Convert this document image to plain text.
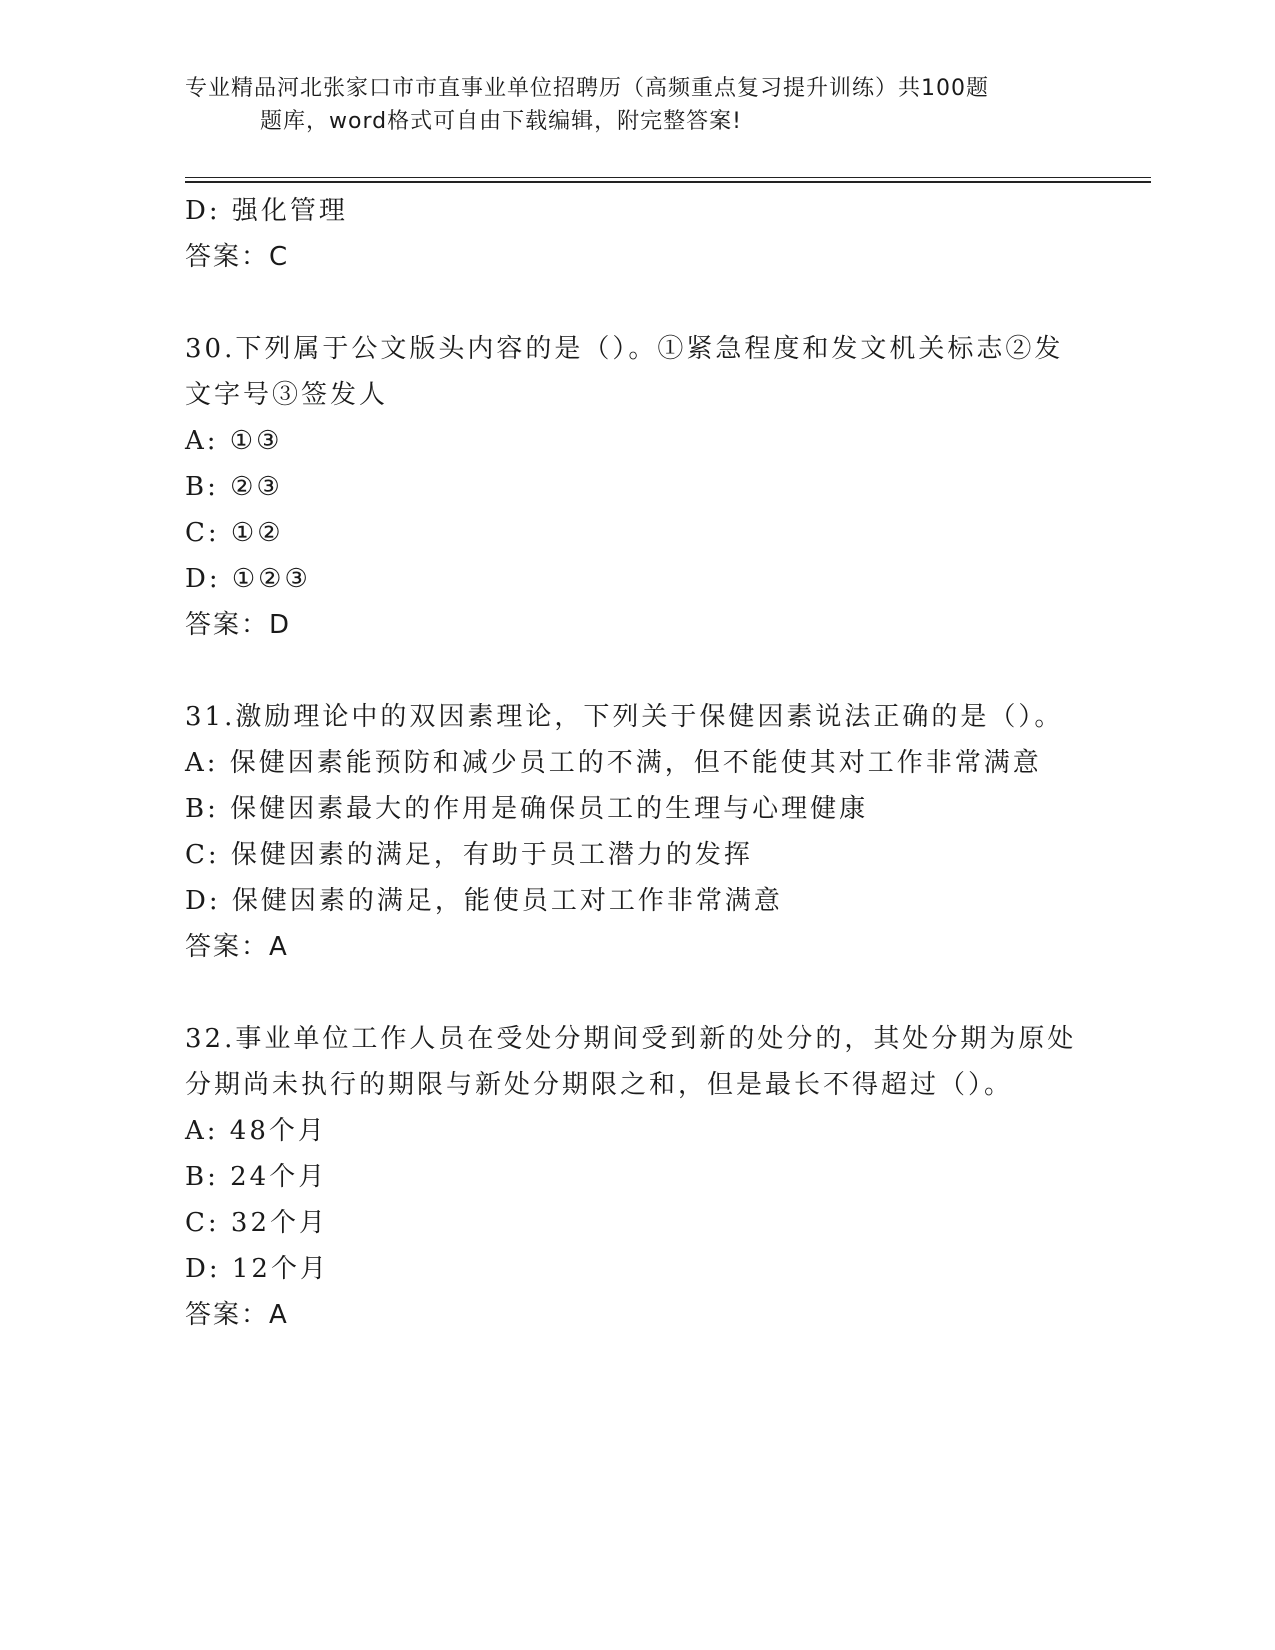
专业精品河北张家口市市直事业单位招聘历（高频重点复习提升训练）共100题
题库，word格式可自由下载编辑，附完整答案!
D: 强化管理
答案：C
30.下列属于公文版头内容的是（）。①紧急程度和发文机关标志②发
文字号③签发人
A: ①③
B: ②③
C: ①②
D: ①②③
答案：D
31.激励理论中的双因素理论，下列关于保健因素说法正确的是（）。
A: 保健因素能预防和减少员工的不满，但不能使其对工作非常满意
B: 保健因素最大的作用是确保员工的生理与心理健康
C: 保健因素的满足，有助于员工潜力的发挥
D: 保健因素的满足，能使员工对工作非常满意
答案：A
32.事业单位工作人员在受处分期间受到新的处分的，其处分期为原处
分期尚未执行的期限与新处分期限之和，但是最长不得超过（）。
A: 48个月
B: 24个月
C: 32个月
D: 12个月
答案：A
